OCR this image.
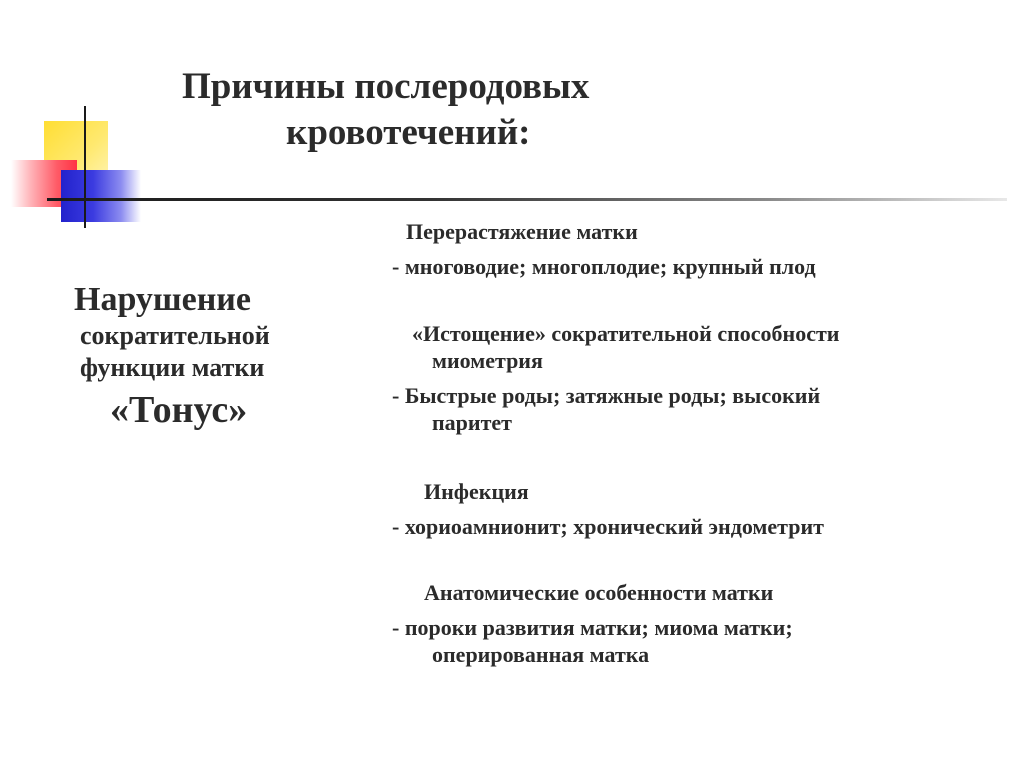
Причины послеродовых
кровотечений:
Нарушение
сократительной
функции матки
«Тонус»
Перерастяжение матки
- многоводие; многоплодие; крупный плод
«Истощение» сократительной способности
миометрия
- Быстрые роды; затяжные роды; высокий
паритет
Инфекция
- хориоамнионит; хронический эндометрит
Анатомические особенности матки
- пороки развития матки; миома матки;
оперированная матка
